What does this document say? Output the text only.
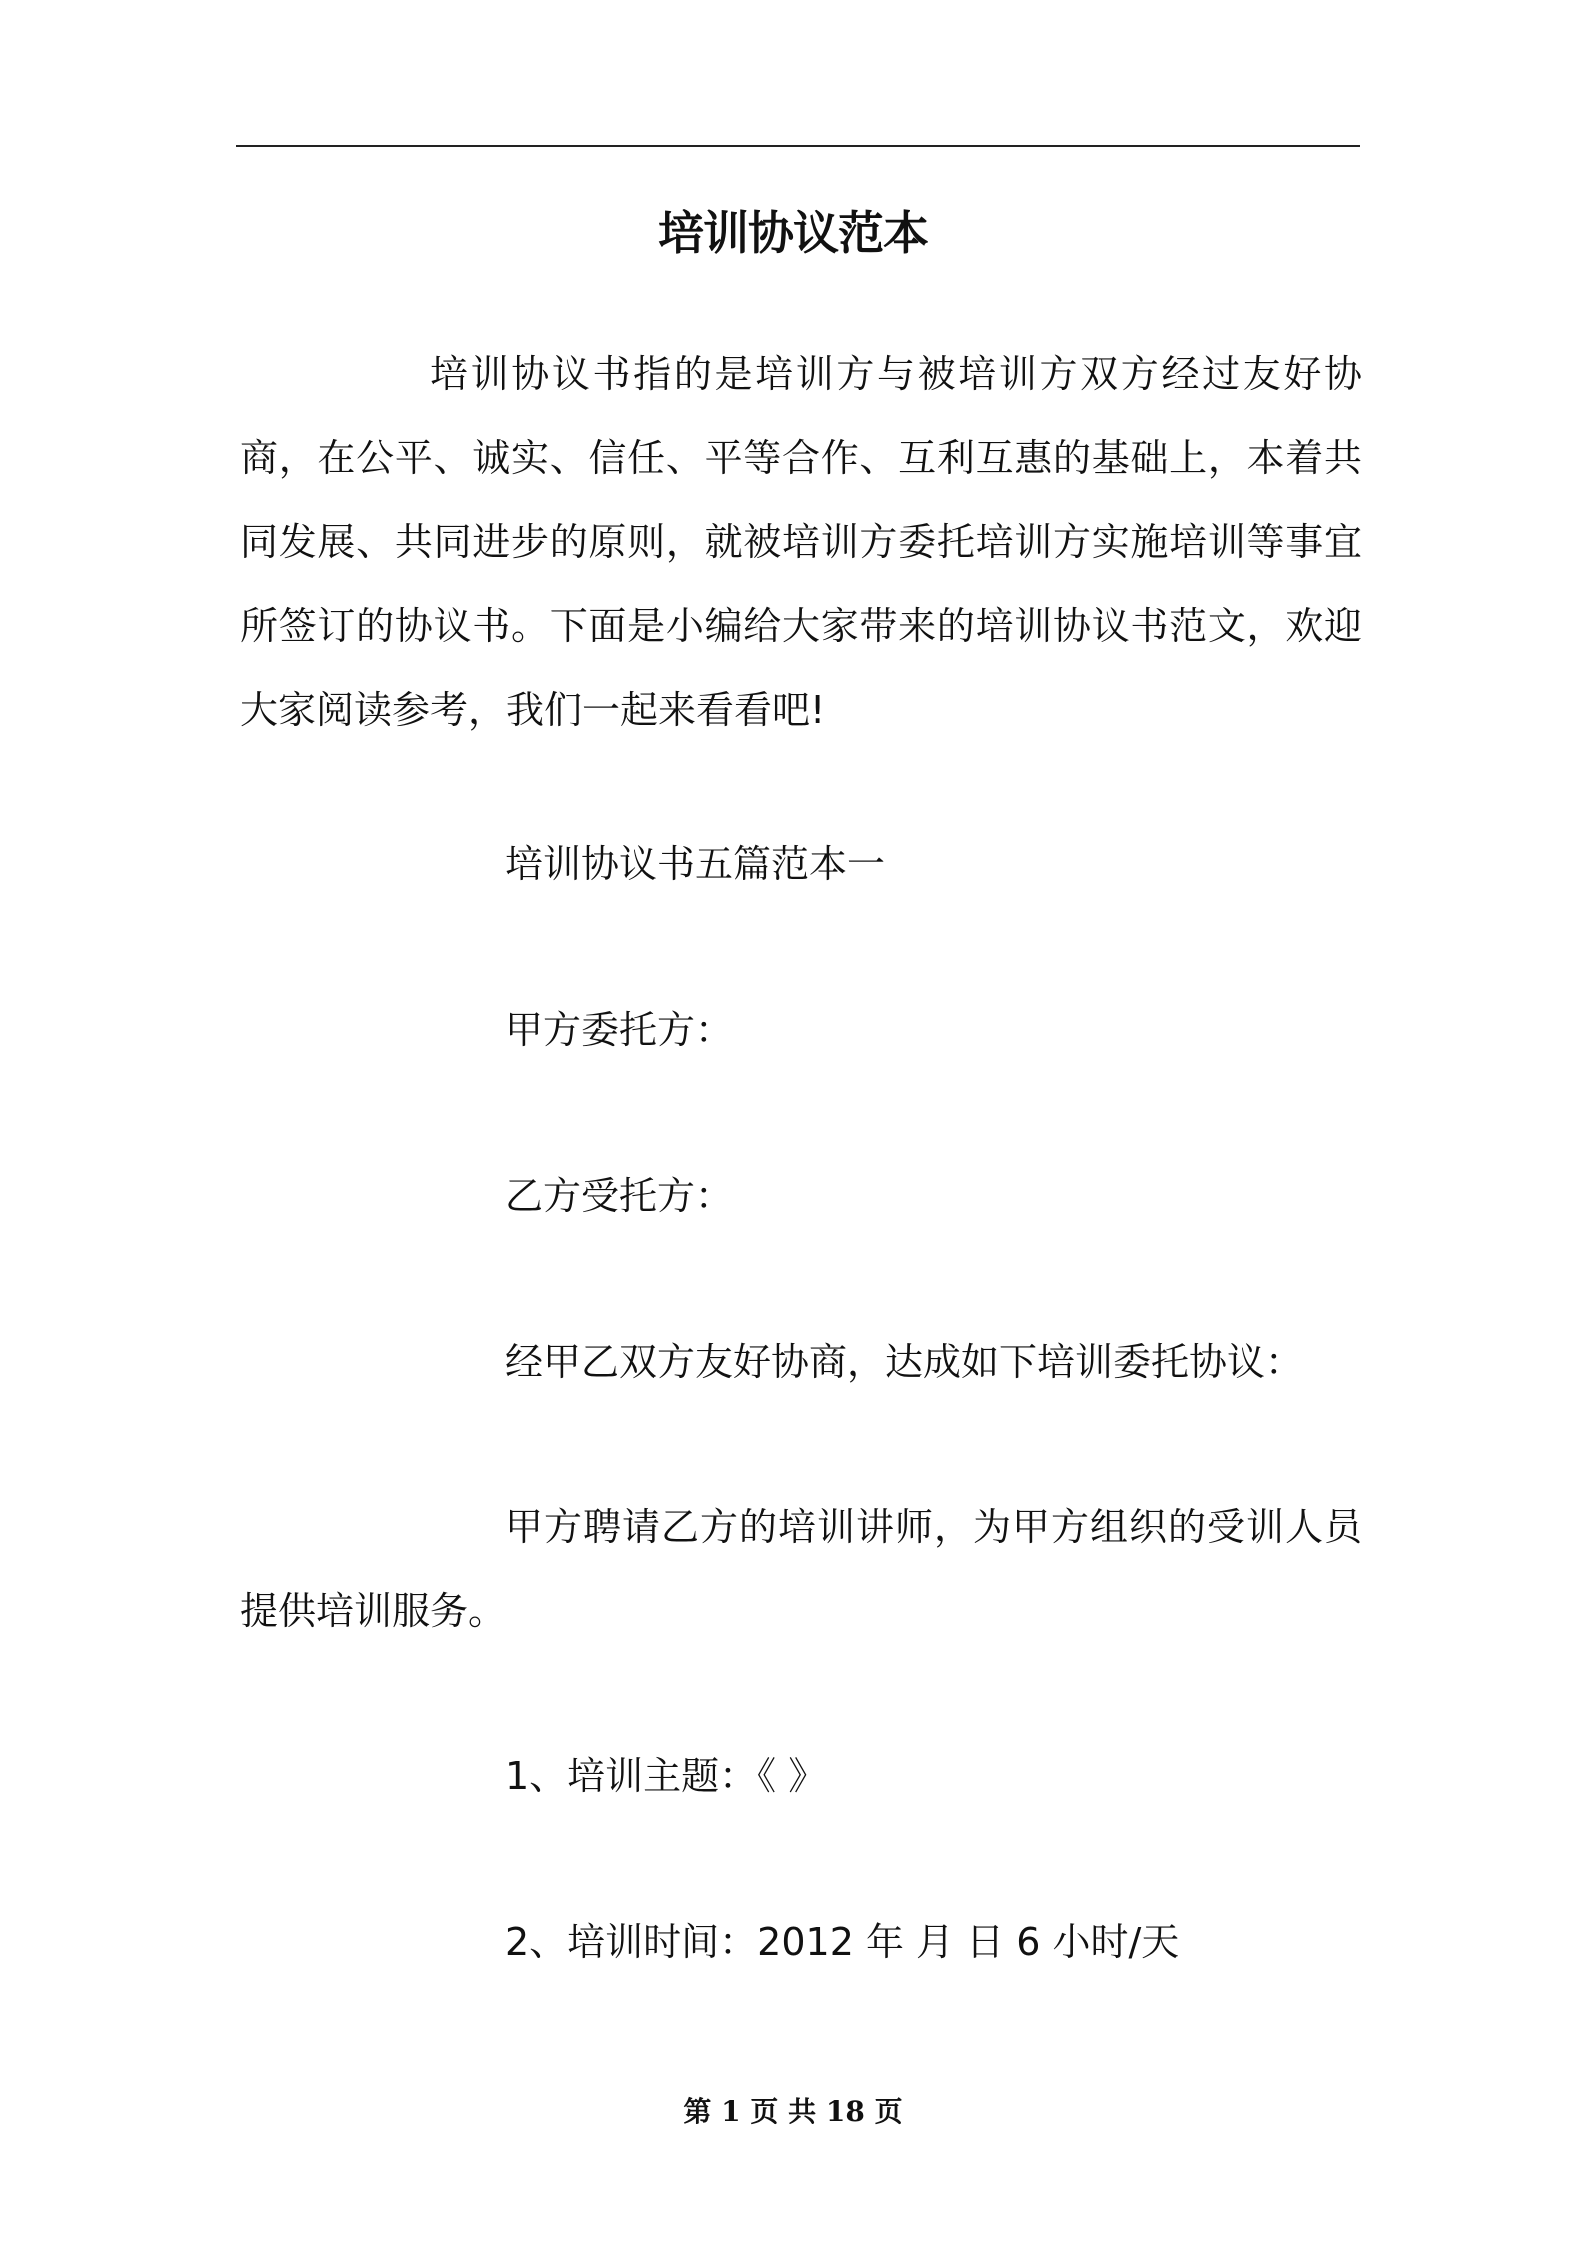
培训协议范本

培训协议书指的是培训方与被培训方双方经过友好协商，在公平、诚实、信任、平等合作、互利互惠的基础上，本着共同发展、共同进步的原则，就被培训方委托培训方实施培训等事宜所签订的协议书。下面是小编给大家带来的培训协议书范文，欢迎大家阅读参考，我们一起来看看吧!

培训协议书五篇范本一

甲方委托方：

乙方受托方：

经甲乙双方友好协商，达成如下培训委托协议：

甲方聘请乙方的培训讲师，为甲方组织的受训人员提供培训服务。

1、培训主题：《 》

2、培训时间：2012 年 月 日 6 小时/天

第 1 页 共 18 页
